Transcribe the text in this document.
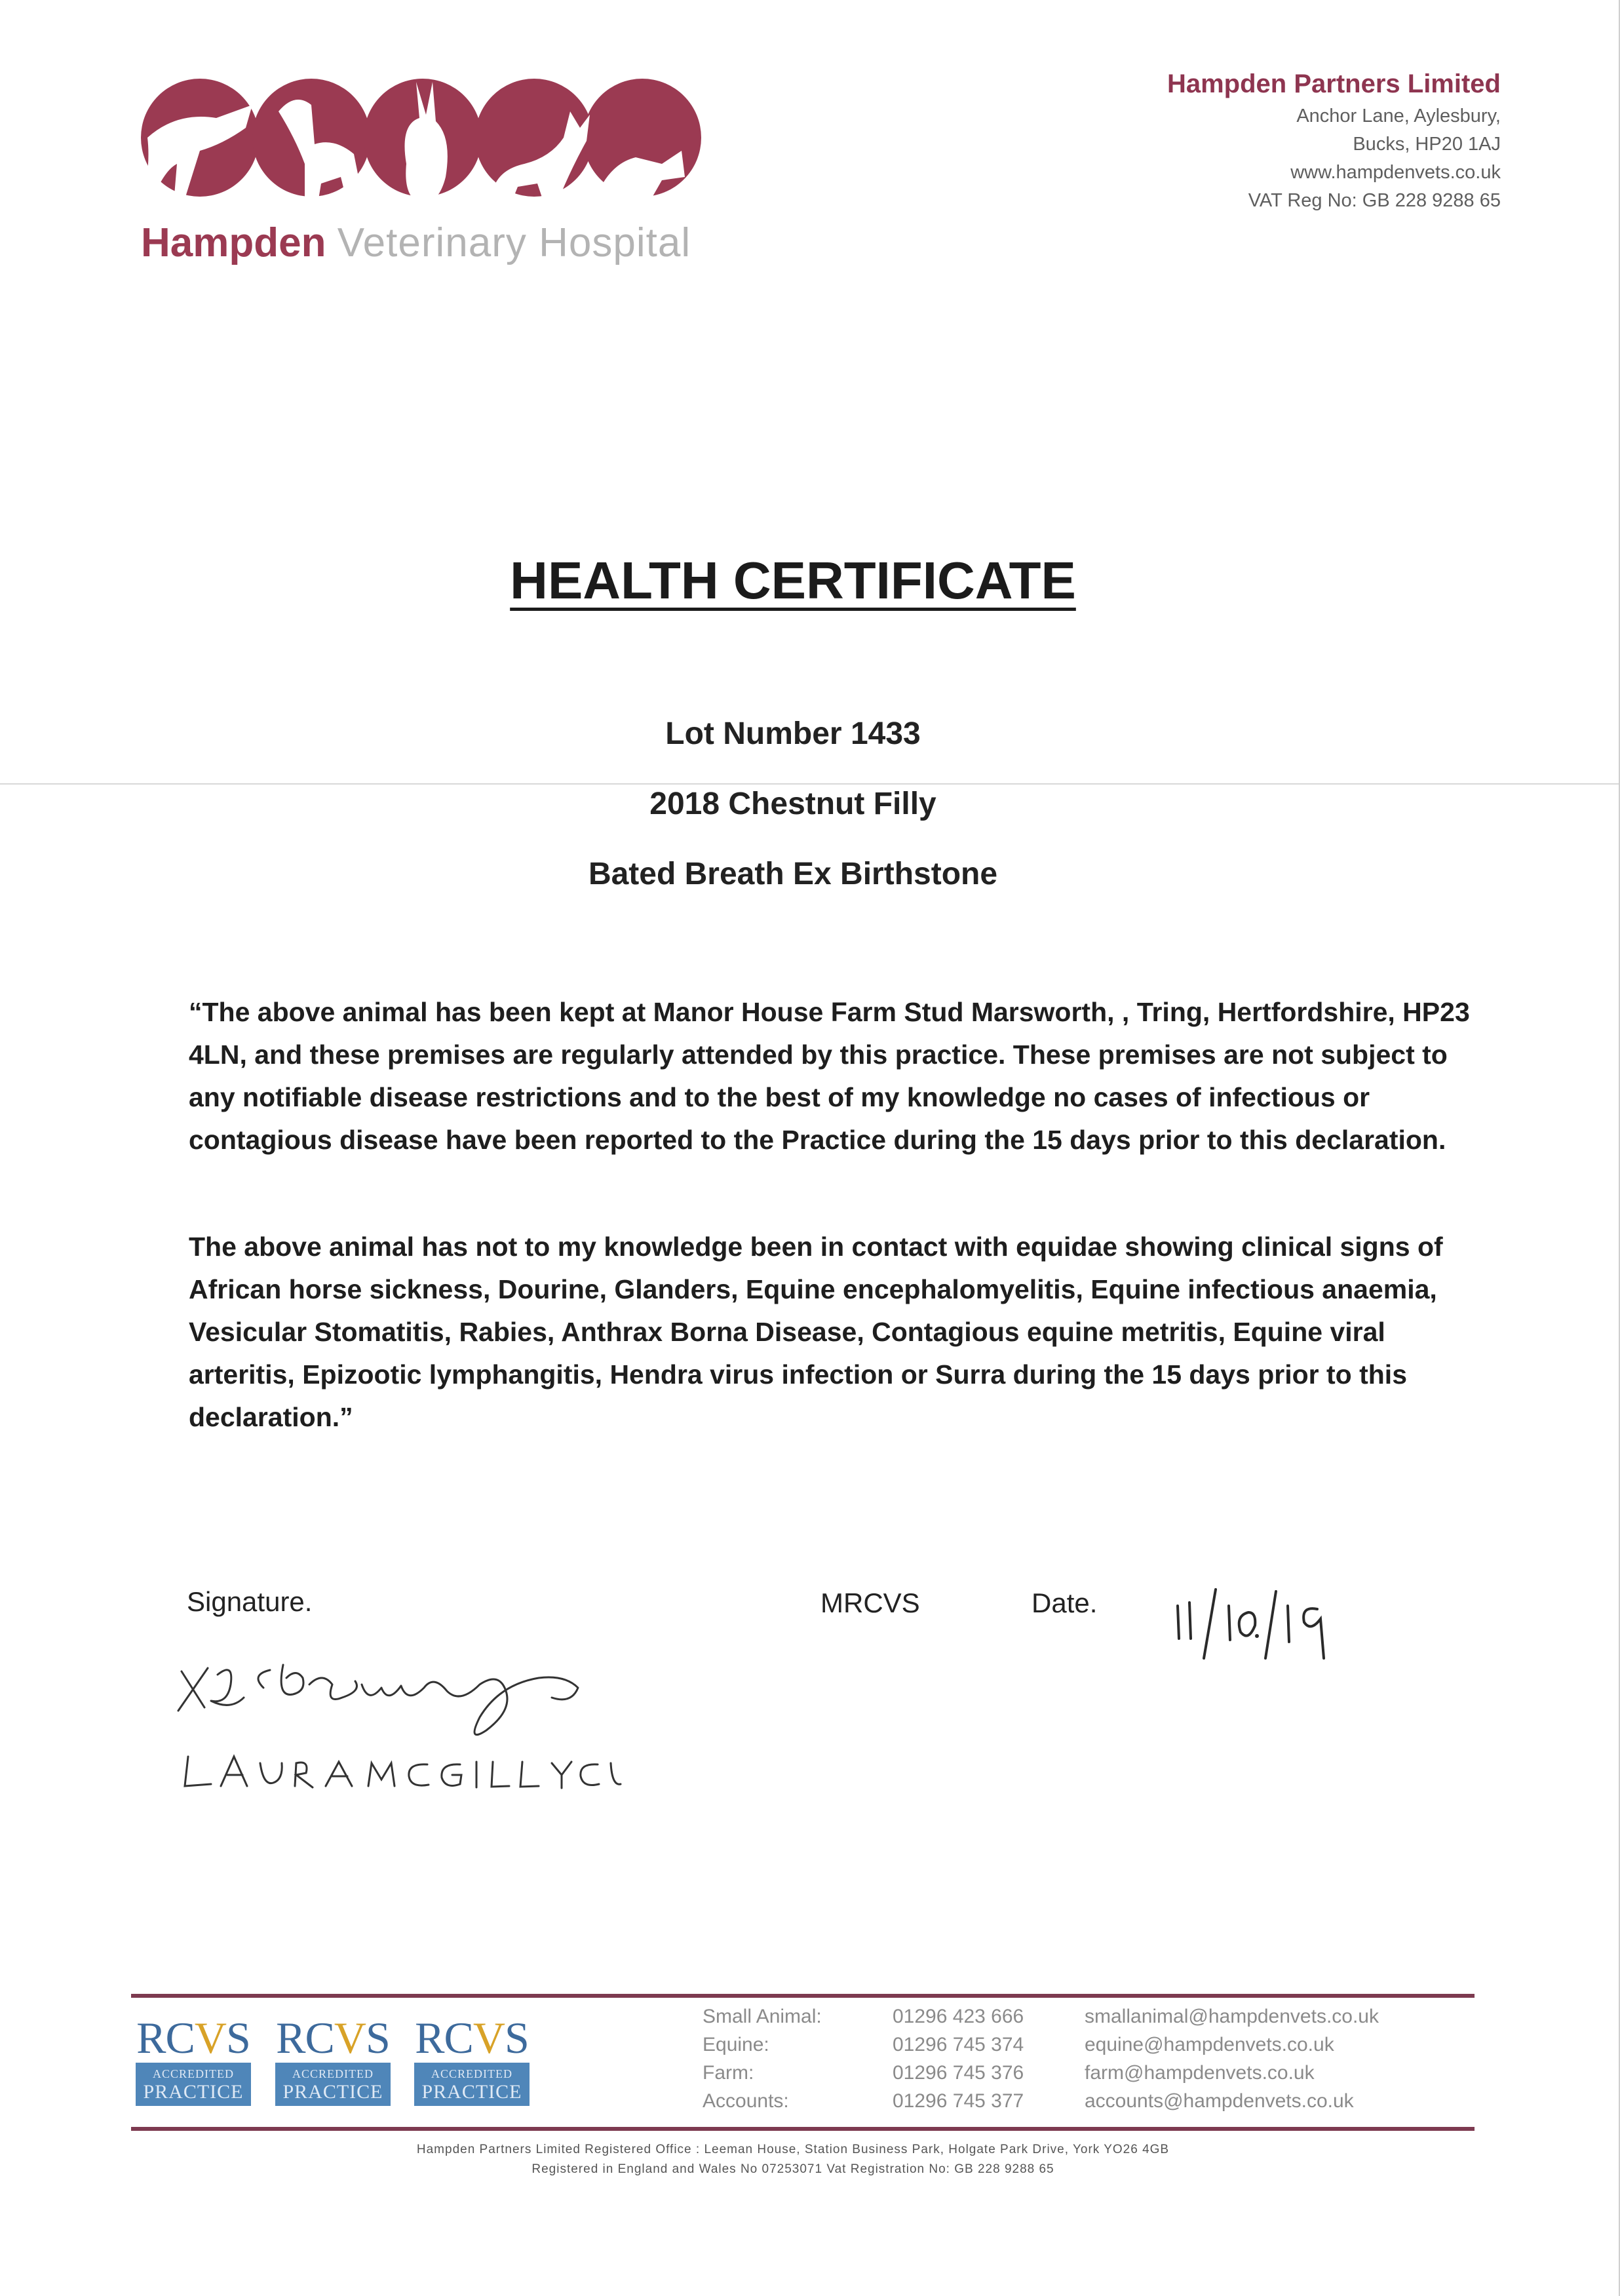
Hampden Veterinary Hospital
Hampden Partners Limited
Anchor Lane, Aylesbury,
Bucks, HP20 1AJ
www.hampdenvets.co.uk
VAT Reg No: GB 228 9288 65
HEALTH CERTIFICATE
Lot Number 1433
2018 Chestnut Filly
Bated Breath Ex Birthstone
“The above animal has been kept at Manor House Farm Stud Marsworth, , Tring, Hertfordshire, HP23 4LN, and these premises are regularly attended by this practice. These premises are not subject to any notifiable disease restrictions and to the best of my knowledge no cases of infectious or contagious disease have been reported to the Practice during the 15 days prior to this declaration.
The above animal has not to my knowledge been in contact with equidae showing clinical signs of African horse sickness, Dourine, Glanders, Equine encephalomyelitis, Equine infectious anaemia, Vesicular Stomatitis, Rabies, Anthrax Borna Disease, Contagious equine metritis, Equine viral arteritis, Epizootic lymphangitis, Hendra virus infection or Surra during the 15 days prior to this declaration.”
Signature.	MRCVS	Date.
RCVS
ACCREDITED
PRACTICE
RCVS
ACCREDITED
PRACTICE
RCVS
ACCREDITED
PRACTICE
Small Animal:
Equine:
Farm:
Accounts:
01296 423 666
01296 745 374
01296 745 376
01296 745 377
smallanimal@hampdenvets.co.uk
equine@hampdenvets.co.uk
farm@hampdenvets.co.uk
accounts@hampdenvets.co.uk
Hampden Partners Limited Registered Office : Leeman House, Station Business Park, Holgate Park Drive, York YO26 4GB
Registered in England and Wales No 07253071 Vat Registration No: GB 228 9288 65
